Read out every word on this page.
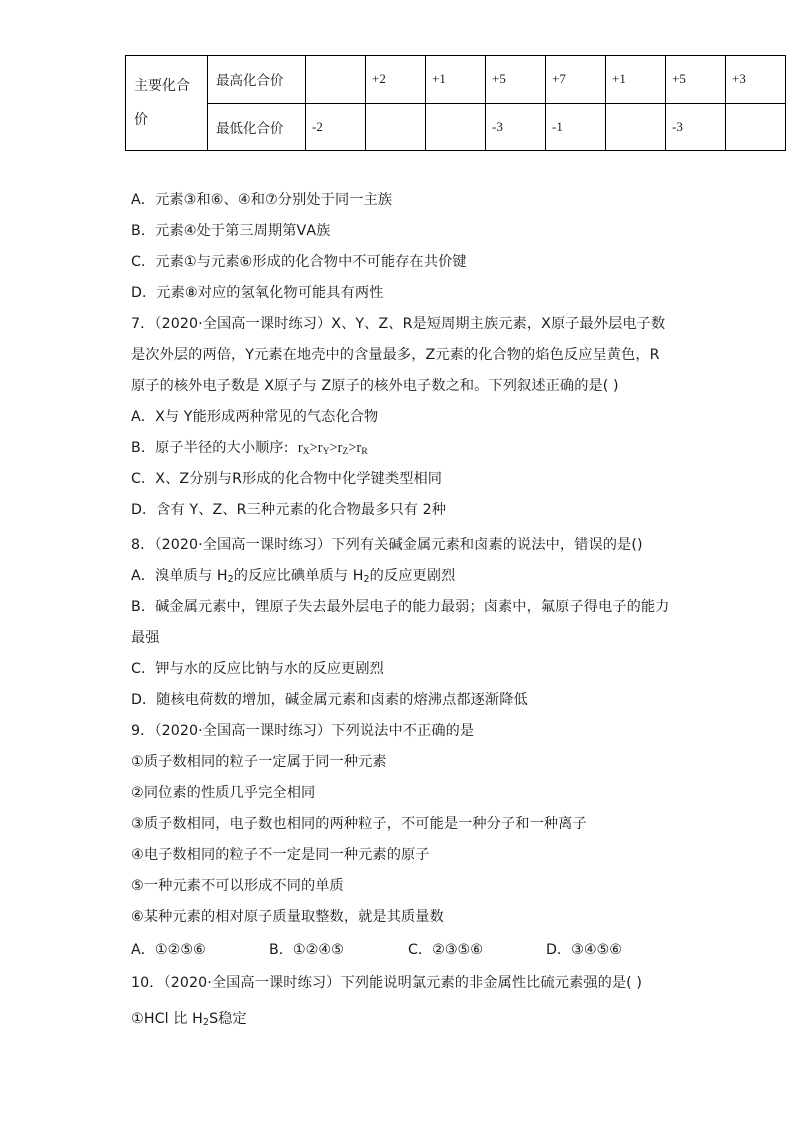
主要化合
价	最高化合价		+2	+1	+5	+7	+1	+5	+3
	最低化合价	-2			-3	-1		-3	
A．元素③和⑥、④和⑦分别处于同一主族
B．元素④处于第三周期第ⅤA族
C．元素①与元素⑥形成的化合物中不可能存在共价键
D．元素⑧对应的氢氧化物可能具有两性
7．（2020·全国高一课时练习）X、Y、Z、R是短周期主族元素，X原子最外层电子数
是次外层的两倍，Y元素在地壳中的含量最多，Z元素的化合物的焰色反应呈黄色，R
原子的核外电子数是 X原子与 Z原子的核外电子数之和。下列叙述正确的是( )
A．X与 Y能形成两种常见的气态化合物
B．原子半径的大小顺序: $r_X>r_Y>r_Z>r_R$
C．X、Z分别与R形成的化合物中化学键类型相同
D．含有 Y、Z、R三种元素的化合物最多只有 2种
8．（2020·全国高一课时练习）下列有关碱金属元素和卤素的说法中，错误的是()
A．溴单质与 $H_2$的反应比碘单质与 $H_2$的反应更剧烈
B．碱金属元素中，锂原子失去最外层电子的能力最弱；卤素中，氟原子得电子的能力
最强
C．钾与水的反应比钠与水的反应更剧烈
D．随核电荷数的增加，碱金属元素和卤素的熔沸点都逐渐降低
9．（2020·全国高一课时练习）下列说法中不正确的是
①质子数相同的粒子一定属于同一种元素
②同位素的性质几乎完全相同
③质子数相同，电子数也相同的两种粒子，不可能是一种分子和一种离子
④电子数相同的粒子不一定是同一种元素的原子
⑤一种元素不可以形成不同的单质
⑥某种元素的相对原子质量取整数，就是其质量数
A．①②⑤⑥	B．①②④⑤	C．②③⑤⑥	D．③④⑤⑥
10．（2020·全国高一课时练习）下列能说明氯元素的非金属性比硫元素强的是( )
①HCl 比 $H_2S$稳定
